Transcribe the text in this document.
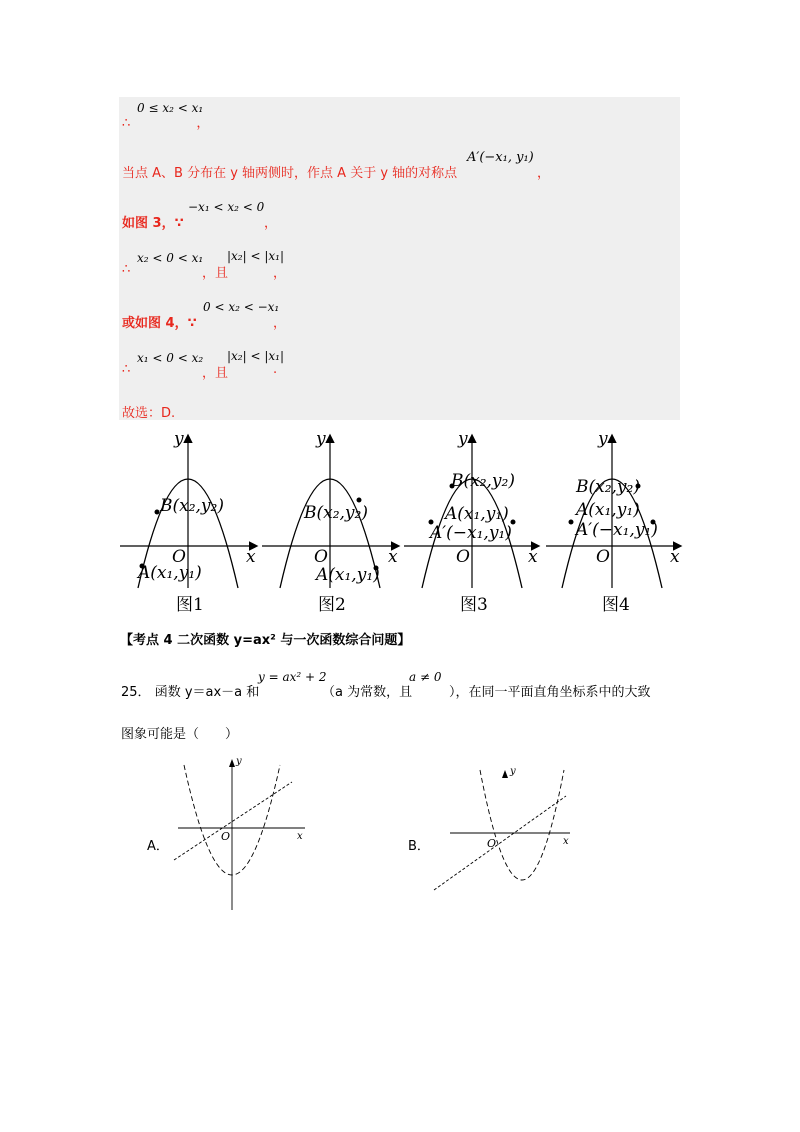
0 ≤ x₂ < x₁
∴	，
当点 A、B 分布在 y 轴两侧时，作点 A 关于 y 轴的对称点
A′(−x₁, y₁)
，
如图 3，∵
−x₁ < x₂ < 0
，
∴
x₂ < 0 < x₁
，且
|x₂| < |x₁|
，
或如图 4，∵
0 < x₂ < −x₁
，
∴
x₁ < 0 < x₂
，且
|x₂| < |x₁|
.
故选：D.
y
x
O
B(x₂,y₂)
A(x₁,y₁)
图1
y
x
O
B(x₂,y₂)
A(x₁,y₁)
图2
y
x
O
B(x₂,y₂)
A(x₁,y₁)
A′(−x₁,y₁)
图3
y
x
O
B(x₂,y₂)
A(x₁,y₁)
A′(−x₁,y₁)
图4
【考点 4 二次函数 y=ax² 与一次函数综合问题】
25． 函数 y＝ax－a 和
y = ax² + 2
（a 为常数，且
a ≠ 0
），在同一平面直角坐标系中的大致
图象可能是（　　）
y
x
O
A．
y
x
O
B．
